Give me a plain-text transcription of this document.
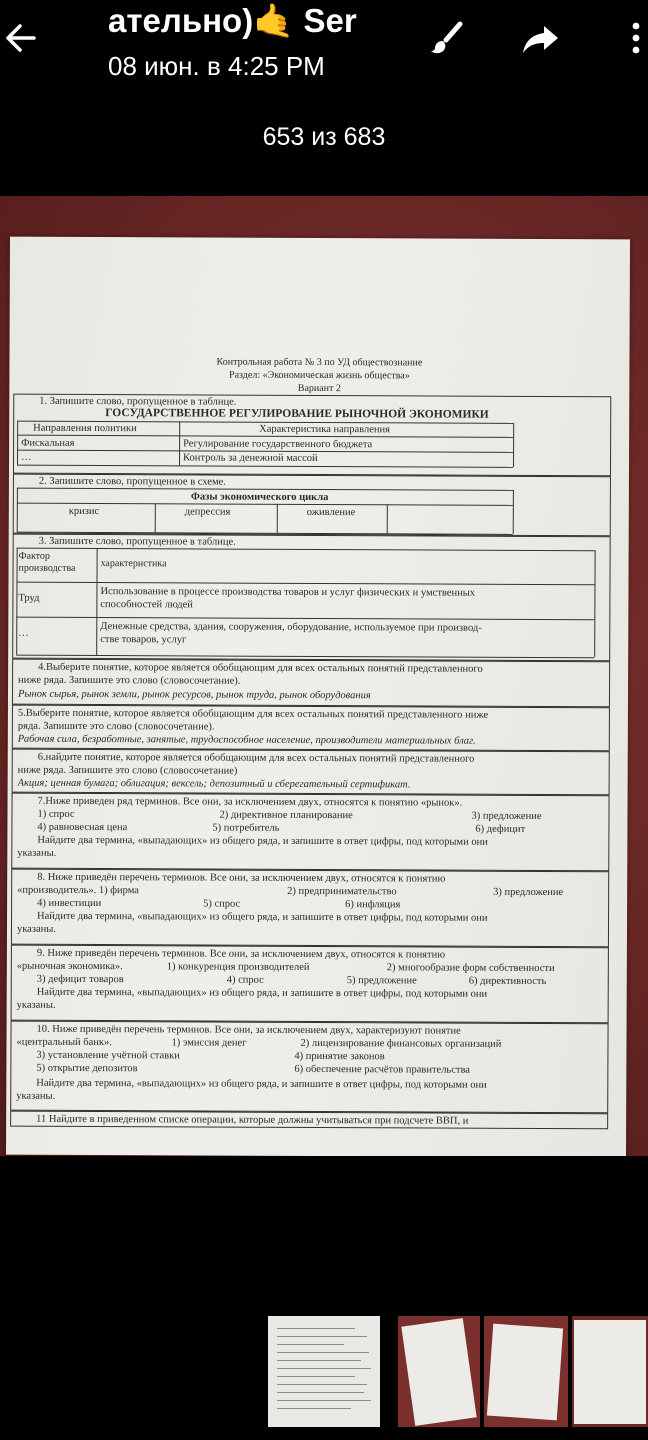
ательно)🤙 Ser
08 июн. в 4:25 PM
653 из 683
Контрольная работа № 3 по УД обществознание
Раздел: «Экономическая жизнь общества»
Вариант 2
1. Запишите слово, пропущенное в таблице.
ГОСУДАРСТВЕННОЕ РЕГУЛИРОВАНИЕ РЫНОЧНОЙ ЭКОНОМИКИ
Направления политики	Характеристика направления
Фискальная	Регулирование государственного бюджета
…	Контроль за денежной массой
2. Запишите слово, пропущенное в схеме.
Фазы экономического цикла
кризис	депрессия	оживление
3. Запишите слово, пропущенное в таблице.
Фактор
производства	характеристика
Труд	Использование в процессе производства товаров и услуг физических и умственных
способностей людей
…	Денежные средства, здания, сооружения, оборудование, используемое при производ-
стве товаров, услуг
4.Выберите понятие, которое является обобщающим для всех остальных понятий представленного
ниже ряда. Запишите это слово (словосочетание).
Рынок сырья, рынок земли, рынок ресурсов, рынок труда, рынок оборудования
5.Выберите понятие, которое является обобщающим для всех остальных понятий представленного ниже
ряда. Запишите это слово (словосочетание).
Рабочая сила, безработные, занятые, трудоспособное население, производители материальных благ.
6.найдите понятие, которое является обобщающим для всех остальных понятий представленного
ниже ряда. Запишите это слово (словосочетание)
Акция; ценная бумага; облигация; вексель; депозитный и сберегательный сертификат.
7.Ниже приведен ряд терминов. Все они, за исключением двух, относятся к понятию «рынок».
1) спрос	2) директивное планирование	3) предложение
4) равновесная цена	5) потребитель	6) дефицит
Найдите два термина, «выпадающих» из общего ряда, и запишите в ответ цифры, под которыми они
указаны.
8. Ниже приведён перечень терминов. Все они, за исключением двух, относятся к понятию
«производитель». 1) фирма	2) предпринимательство	3) предложение
4) инвестиции	5) спрос	6) инфляция
Найдите два термина, «выпадающих» из общего ряда, и запишите в ответ цифры, под которыми они
указаны.
9. Ниже приведён перечень терминов. Все они, за исключением двух, относятся к понятию
«рыночная экономика».	1) конкуренция производителей	2) многообразие форм собственности
3) дефицит товаров	4) спрос	5) предложение	6) директивность
Найдите два термина, «выпадающих» из общего ряда, и запишите в ответ цифры, под которыми они
указаны.
10. Ниже приведён перечень терминов. Все они, за исключением двух, характеризуют понятие
«центральный банк».	1) эмиссия денег	2) лицензирование финансовых организаций
3) установление учётной ставки	4) принятие законов
5) открытие депозитов	6) обеспечение расчётов правительства
Найдите два термина, «выпадающих» из общего ряда, и запишите в ответ цифры, под которыми они
указаны.
11 Найдите в приведенном списке операции, которые должны учитываться при подсчете ВВП, и
